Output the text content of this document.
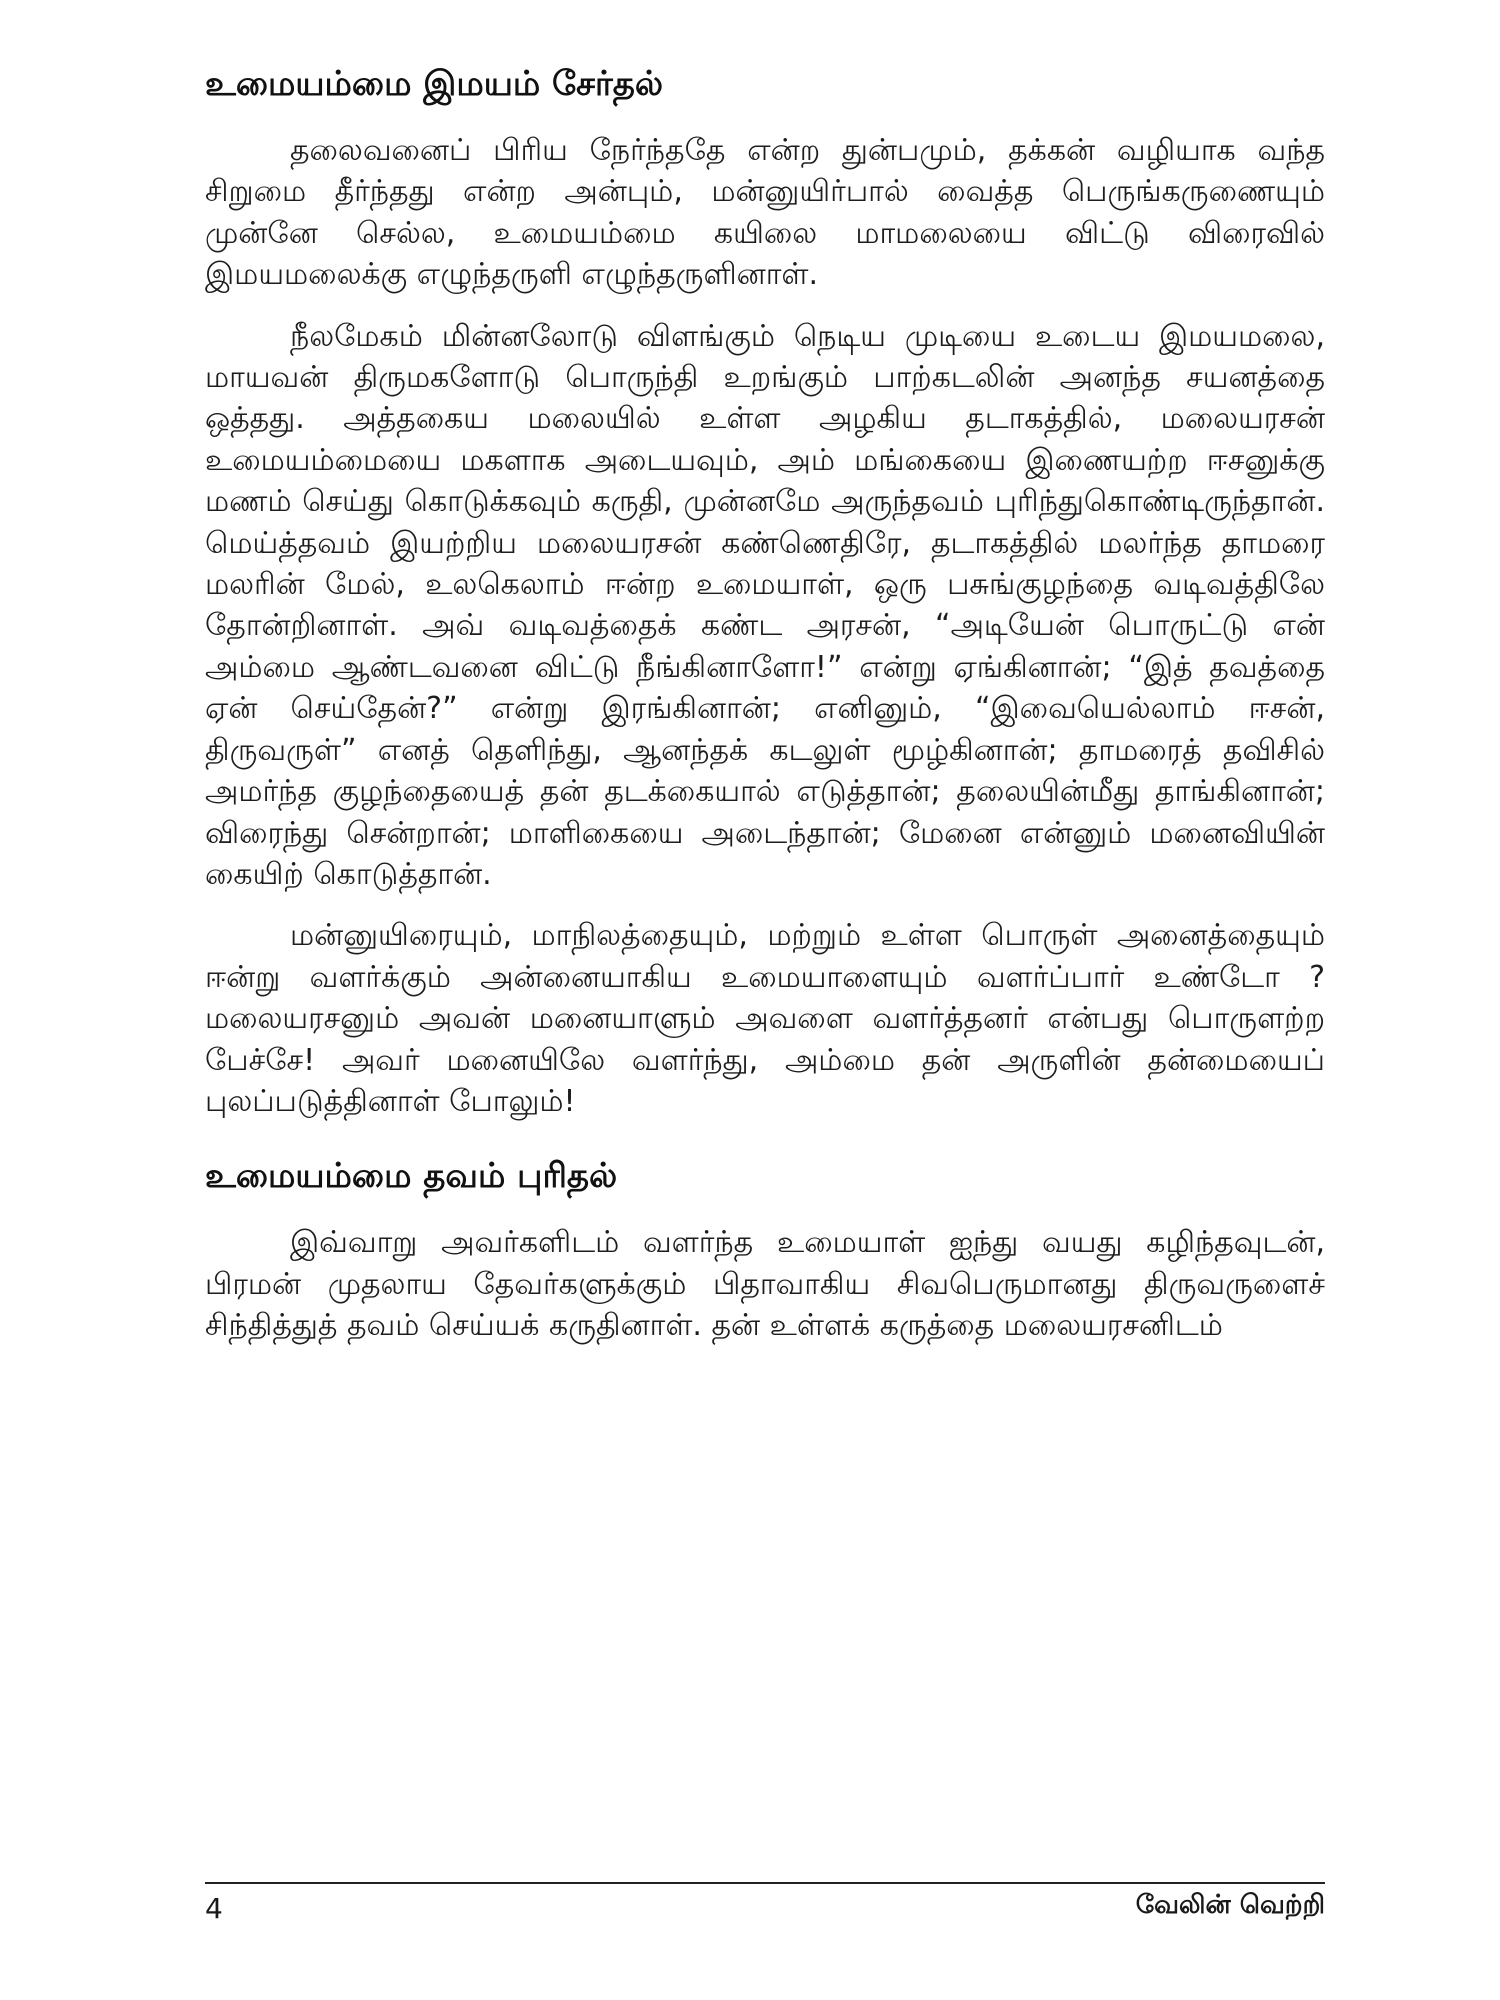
உமையம்மை இமயம் சேர்தல்

தலைவனைப் பிரிய நேர்ந்ததே என்ற துன்பமும், தக்கன் வழியாக வந்த சிறுமை தீர்ந்தது என்ற அன்பும், மன்னுயிர்பால் வைத்த பெருங்கருணையும் முன்னே செல்ல, உமையம்மை கயிலை மாமலையை விட்டு விரைவில் இமயமலைக்கு எழுந்தருளி எழுந்தருளினாள்.

நீலமேகம் மின்னலோடு விளங்கும் நெடிய முடியை உடைய இமயமலை, மாயவன் திருமகளோடு பொருந்தி உறங்கும் பாற்கடலின் அனந்த சயனத்தை ஒத்தது. அத்தகைய மலையில் உள்ள அழகிய தடாகத்தில், மலையரசன் உமையம்மையை மகளாக அடையவும், அம் மங்கையை இணையற்ற ஈசனுக்கு மணம் செய்து கொடுக்கவும் கருதி, முன்னமே அருந்தவம் புரிந்துகொண்டிருந்தான். மெய்த்தவம் இயற்றிய மலையரசன் கண்ணெதிரே, தடாகத்தில் மலர்ந்த தாமரை மலரின் மேல், உலகெலாம் ஈன்ற உமையாள், ஒரு பசுங்குழந்தை வடிவத்திலே தோன்றினாள். அவ் வடிவத்தைக் கண்ட அரசன், “அடியேன் பொருட்டு என் அம்மை ஆண்டவனை விட்டு நீங்கினாளோ!” என்று ஏங்கினான்; “இத் தவத்தை ஏன் செய்தேன்?” என்று இரங்கினான்; எனினும், “இவையெல்லாம் ஈசன், திருவருள்” எனத் தெளிந்து, ஆனந்தக் கடலுள் மூழ்கினான்; தாமரைத் தவிசில் அமர்ந்த குழந்தையைத் தன் தடக்கையால் எடுத்தான்; தலையின்மீது தாங்கினான்; விரைந்து சென்றான்; மாளிகையை அடைந்தான்; மேனை என்னும் மனைவியின் கையிற் கொடுத்தான்.

மன்னுயிரையும், மாநிலத்தையும், மற்றும் உள்ள பொருள் அனைத்தையும் ஈன்று வளர்க்கும் அன்னையாகிய உமையாளையும் வளர்ப்பார் உண்டோ ? மலையரசனும் அவன் மனையாளும் அவளை வளர்த்தனர் என்பது பொருளற்ற பேச்சே! அவர் மனையிலே வளர்ந்து, அம்மை தன் அருளின் தன்மையைப் புலப்படுத்தினாள் போலும்!

உமையம்மை தவம் புரிதல்

இவ்வாறு அவர்களிடம் வளர்ந்த உமையாள் ஐந்து வயது கழிந்தவுடன், பிரமன் முதலாய தேவர்களுக்கும் பிதாவாகிய சிவபெருமானது திருவருளைச் சிந்தித்துத் தவம் செய்யக் கருதினாள். தன் உள்ளக் கருத்தை மலையரசனிடம்

4	வேலின் வெற்றி
